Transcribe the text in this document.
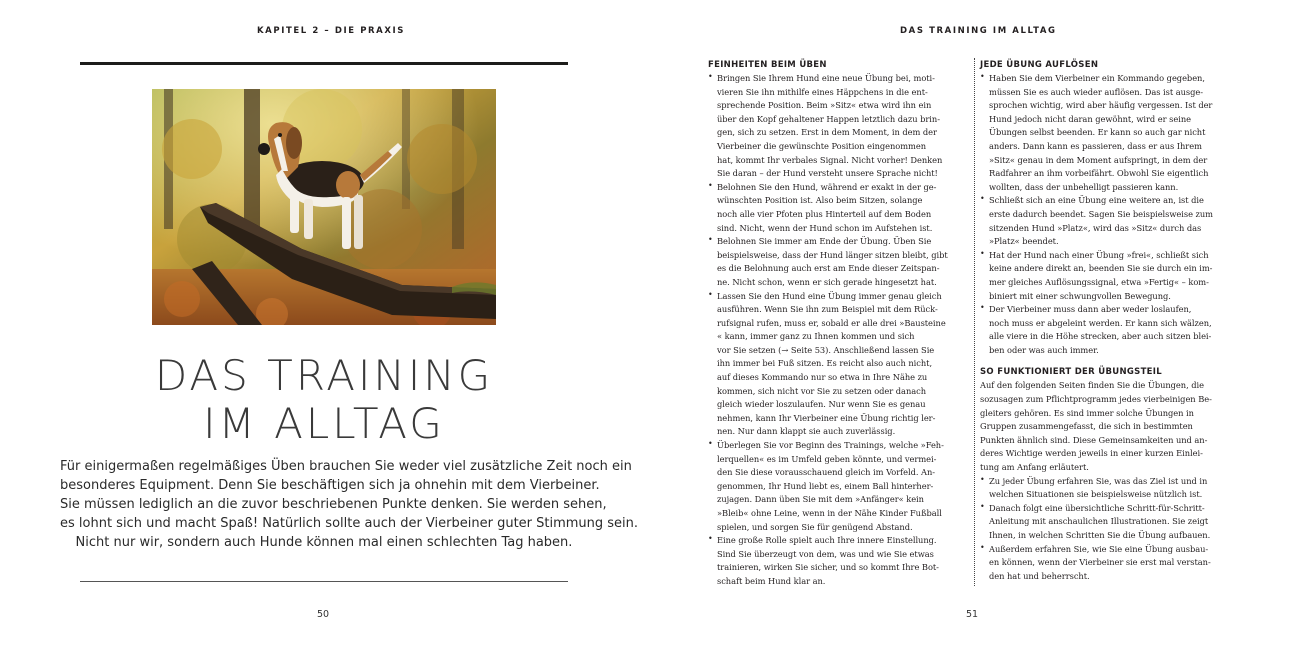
KAPITEL 2 – DIE PRAXIS
DAS TRAINING
IM ALLTAG
Für einigermaßen regelmäßiges Üben brauchen Sie weder viel zusätzliche Zeit noch ein
besonderes Equipment. Denn Sie beschäftigen sich ja ohnehin mit dem Vierbeiner.
Sie müssen lediglich an die zuvor beschriebenen Punkte denken. Sie werden sehen,
es lohnt sich und macht Spaß! Natürlich sollte auch der Vierbeiner guter Stimmung sein.
Nicht nur wir, sondern auch Hunde können mal einen schlechten Tag haben.
50
DAS TRAINING IM ALLTAG
FEINHEITEN BEIM ÜBEN
• Bringen Sie Ihrem Hund eine neue Übung bei, moti-
vieren Sie ihn mithilfe eines Häppchens in die ent-
sprechende Position. Beim »Sitz« etwa wird ihn ein
über den Kopf gehaltener Happen letztlich dazu brin-
gen, sich zu setzen. Erst in dem Moment, in dem der
Vierbeiner die gewünschte Position eingenommen
hat, kommt Ihr verbales Signal. Nicht vorher! Denken
Sie daran – der Hund versteht unsere Sprache nicht!
• Belohnen Sie den Hund, während er exakt in der ge-
wünschten Position ist. Also beim Sitzen, solange
noch alle vier Pfoten plus Hinterteil auf dem Boden
sind. Nicht, wenn der Hund schon im Aufstehen ist.
• Belohnen Sie immer am Ende der Übung. Üben Sie
beispielsweise, dass der Hund länger sitzen bleibt, gibt
es die Belohnung auch erst am Ende dieser Zeitspan-
ne. Nicht schon, wenn er sich gerade hingesetzt hat.
• Lassen Sie den Hund eine Übung immer genau gleich
ausführen. Wenn Sie ihn zum Beispiel mit dem Rück-
rufsignal rufen, muss er, sobald er alle drei »Bausteine
« kann, immer ganz zu Ihnen kommen und sich
vor Sie setzen (→ Seite 53). Anschließend lassen Sie
ihn immer bei Fuß sitzen. Es reicht also auch nicht,
auf dieses Kommando nur so etwa in Ihre Nähe zu
kommen, sich nicht vor Sie zu setzen oder danach
gleich wieder loszulaufen. Nur wenn Sie es genau
nehmen, kann Ihr Vierbeiner eine Übung richtig ler-
nen. Nur dann klappt sie auch zuverlässig.
• Überlegen Sie vor Beginn des Trainings, welche »Feh-
lerquellen« es im Umfeld geben könnte, und vermei-
den Sie diese vorausschauend gleich im Vorfeld. An-
genommen, Ihr Hund liebt es, einem Ball hinterher-
zujagen. Dann üben Sie mit dem »Anfänger« kein
»Bleib« ohne Leine, wenn in der Nähe Kinder Fußball
spielen, und sorgen Sie für genügend Abstand.
• Eine große Rolle spielt auch Ihre innere Einstellung.
Sind Sie überzeugt von dem, was und wie Sie etwas
trainieren, wirken Sie sicher, und so kommt Ihre Bot-
schaft beim Hund klar an.
JEDE ÜBUNG AUFLÖSEN
• Haben Sie dem Vierbeiner ein Kommando gegeben,
müssen Sie es auch wieder auflösen. Das ist ausge-
sprochen wichtig, wird aber häufig vergessen. Ist der
Hund jedoch nicht daran gewöhnt, wird er seine
Übungen selbst beenden. Er kann so auch gar nicht
anders. Dann kann es passieren, dass er aus Ihrem
»Sitz« genau in dem Moment aufspringt, in dem der
Radfahrer an ihm vorbeifährt. Obwohl Sie eigentlich
wollten, dass der unbehelligt passieren kann.
• Schließt sich an eine Übung eine weitere an, ist die
erste dadurch beendet. Sagen Sie beispielsweise zum
sitzenden Hund »Platz«, wird das »Sitz« durch das
»Platz« beendet.
• Hat der Hund nach einer Übung »frei«, schließt sich
keine andere direkt an, beenden Sie sie durch ein im-
mer gleiches Auflösungssignal, etwa »Fertig« – kom-
biniert mit einer schwungvollen Bewegung.
• Der Vierbeiner muss dann aber weder loslaufen,
noch muss er abgeleint werden. Er kann sich wälzen,
alle viere in die Höhe strecken, aber auch sitzen blei-
ben oder was auch immer.
SO FUNKTIONIERT DER ÜBUNGSTEIL
Auf den folgenden Seiten finden Sie die Übungen, die
sozusagen zum Pflichtprogramm jedes vierbeinigen Be-
gleiters gehören. Es sind immer solche Übungen in
Gruppen zusammengefasst, die sich in bestimmten
Punkten ähnlich sind. Diese Gemeinsamkeiten und an-
deres Wichtige werden jeweils in einer kurzen Einlei-
tung am Anfang erläutert.
• Zu jeder Übung erfahren Sie, was das Ziel ist und in
welchen Situationen sie beispielsweise nützlich ist.
• Danach folgt eine übersichtliche Schritt-für-Schritt-
Anleitung mit anschaulichen Illustrationen. Sie zeigt
Ihnen, in welchen Schritten Sie die Übung aufbauen.
• Außerdem erfahren Sie, wie Sie eine Übung ausbau-
en können, wenn der Vierbeiner sie erst mal verstan-
den hat und beherrscht.
51
